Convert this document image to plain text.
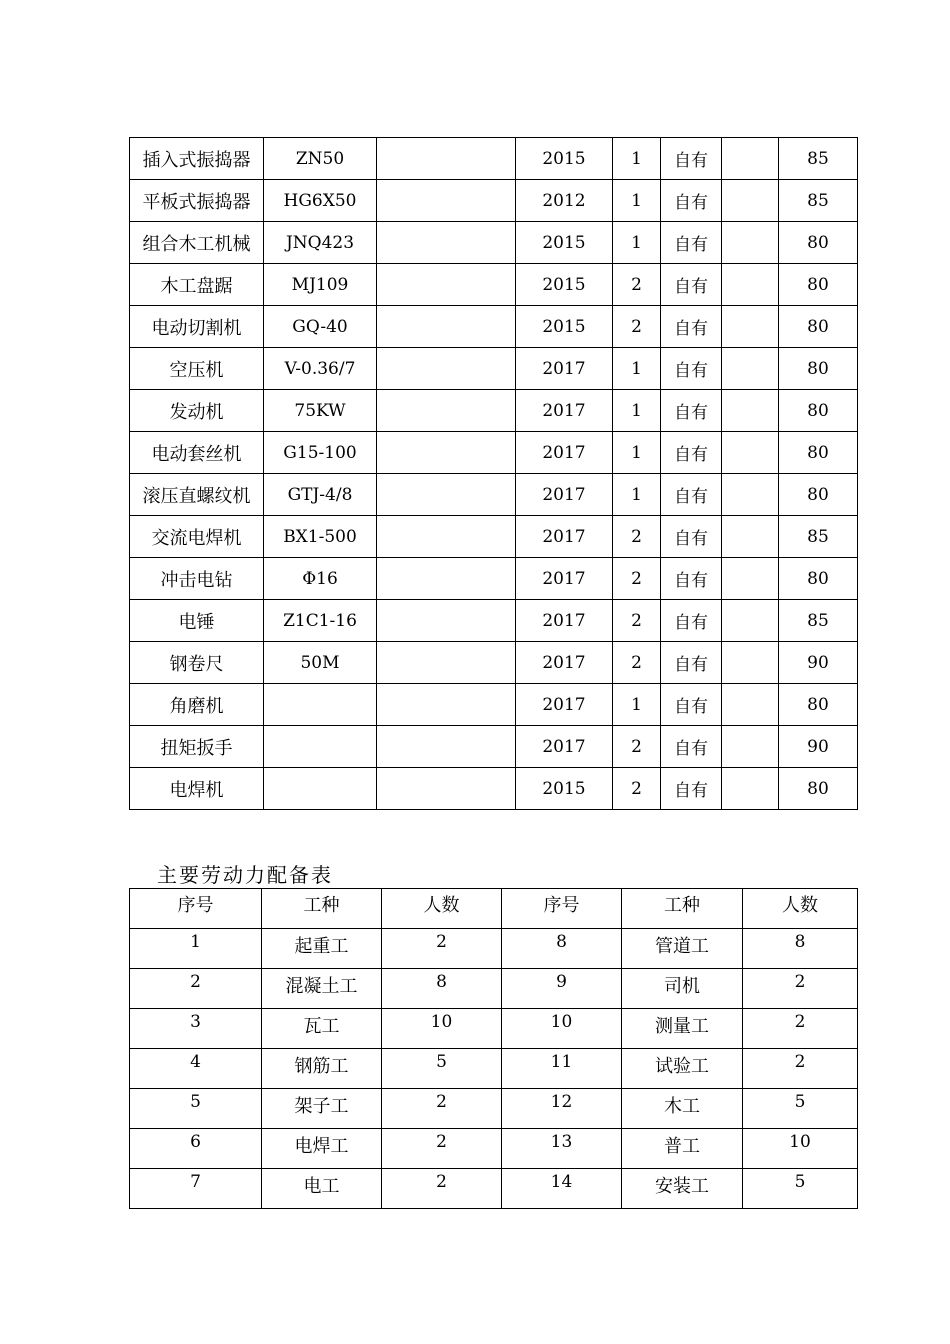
插入式振捣器	ZN50		2015	1	自有		85
平板式振捣器	HG6X50		2012	1	自有		85
组合木工机械	JNQ423		2015	1	自有		80
木工盘踞	MJ109		2015	2	自有		80
电动切割机	GQ-40		2015	2	自有		80
空压机	V-0.36/7		2017	1	自有		80
发动机	75KW		2017	1	自有		80
电动套丝机	G15-100		2017	1	自有		80
滚压直螺纹机	GTJ-4/8		2017	1	自有		80
交流电焊机	BX1-500		2017	2	自有		85
冲击电钻	Φ16		2017	2	自有		80
电锤	Z1C1-16		2017	2	自有		85
钢卷尺	50M		2017	2	自有		90
角磨机			2017	1	自有		80
扭矩扳手			2017	2	自有		90
电焊机			2015	2	自有		80
主要劳动力配备表
序号	工种	人数	序号	工种	人数
1	起重工	2	8	管道工	8
2	混凝土工	8	9	司机	2
3	瓦工	10	10	测量工	2
4	钢筋工	5	11	试验工	2
5	架子工	2	12	木工	5
6	电焊工	2	13	普工	10
7	电工	2	14	安装工	5
